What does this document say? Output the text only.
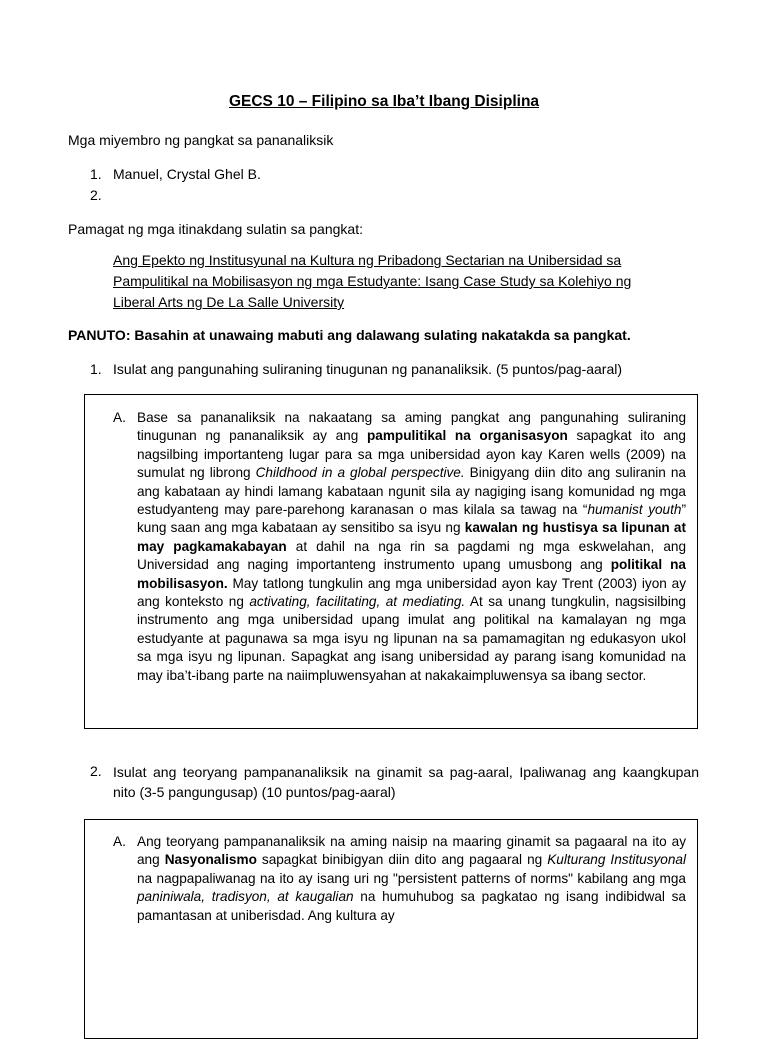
GECS 10 – Filipino sa Iba’t Ibang Disiplina
Mga miyembro ng pangkat sa pananaliksik
1. Manuel, Crystal Ghel B.
2.
Pamagat ng mga itinakdang sulatin sa pangkat:
Ang Epekto ng Institusyunal na Kultura ng Pribadong Sectarian na Unibersidad sa
Pampulitikal na Mobilisasyon ng mga Estudyante: Isang Case Study sa Kolehiyo ng
Liberal Arts ng De La Salle University
PANUTO: Basahin at unawaing mabuti ang dalawang sulating nakatakda sa pangkat.
1. Isulat ang pangunahing suliraning tinugunan ng pananaliksik. (5 puntos/pag-aaral)
A. Base sa pananaliksik na nakaatang sa aming pangkat ang pangunahing suliraning tinugunan ng pananaliksik ay ang pampulitikal na organisasyon sapagkat ito ang nagsilbing importanteng lugar para sa mga unibersidad ayon kay Karen wells (2009) na sumulat ng librong Childhood in a global perspective. Binigyang diin dito ang suliranin na ang kabataan ay hindi lamang kabataan ngunit sila ay nagiging isang komunidad ng mga estudyanteng may pare-parehong karanasan o mas kilala sa tawag na “humanist youth” kung saan ang mga kabataan ay sensitibo sa isyu ng kawalan ng hustisya sa lipunan at may pagkamakabayan at dahil na nga rin sa pagdami ng mga eskwelahan, ang Universidad ang naging importanteng instrumento upang umusbong ang politikal na mobilisasyon. May tatlong tungkulin ang mga unibersidad ayon kay Trent (2003) iyon ay ang konteksto ng activating, facilitating, at mediating. At sa unang tungkulin, nagsisilbing instrumento ang mga unibersidad upang imulat ang politikal na kamalayan ng mga estudyante at pagunawa sa mga isyu ng lipunan na sa pamamagitan ng edukasyon ukol sa mga isyu ng lipunan. Sapagkat ang isang unibersidad ay parang isang komunidad na may iba’t-ibang parte na naiimpluwensyahan at nakakaimpluwensya sa ibang sector.
2. Isulat ang teoryang pampananaliksik na ginamit sa pag-aaral, Ipaliwanag ang kaangkupan nito (3-5 pangungusap) (10 puntos/pag-aaral)
A. Ang teoryang pampananaliksik na aming naisip na maaring ginamit sa pagaaral na ito ay ang Nasyonalismo sapagkat binibigyan diin dito ang pagaaral ng Kulturang Institusyonal na nagpapaliwanag na ito ay isang uri ng "persistent patterns of norms" kabilang ang mga paniniwala, tradisyon, at kaugalian na humuhubog sa pagkatao ng isang indibidwal sa pamantasan at uniberisdad. Ang kultura ay
